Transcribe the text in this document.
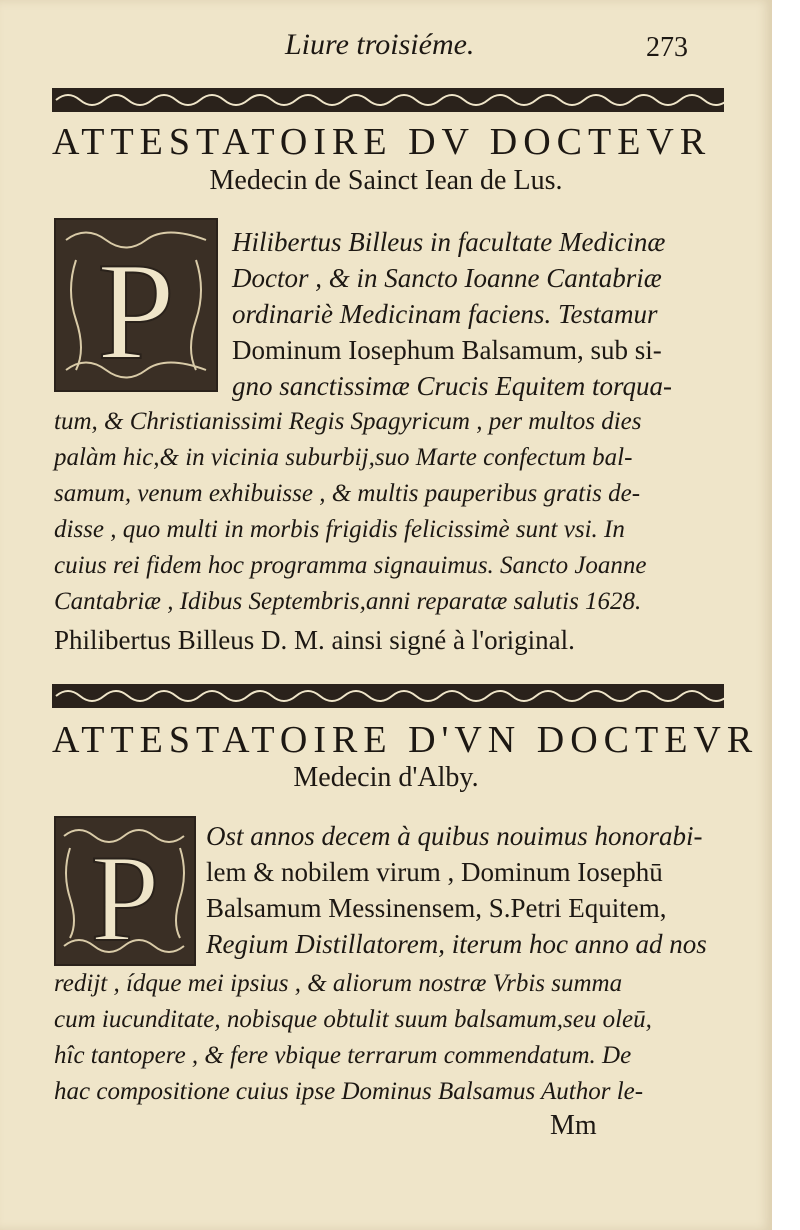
Liure troisiéme.	273
ATTESTATOIRE DV DOCTEVR
Medecin de Sainct Iean de Lus.
P Hilibertus Billeus in facultate Medicinæ
Doctor , & in Sancto Ioanne Cantabriæ
ordinariè Medicinam faciens. Testamur
Dominum Iosephum Balsamum, sub si-
gno sanctissimæ Crucis Equitem torqua-
tum, & Christianissimi Regis Spagyricum , per multos dies
palàm hic,& in vicinia suburbij,suo Marte confectum bal-
samum, venum exhibuisse , & multis pauperibus gratis de-
disse , quo multi in morbis frigidis felicissimè sunt vsi. In
cuius rei fidem hoc programma signauimus. Sancto Joanne
Cantabriæ , Idibus Septembris,anni reparatæ salutis 1628.
Philibertus Billeus D. M. ainsi signé à l'original.
ATTESTATOIRE D'VN DOCTEVR
Medecin d'Alby.
P Ost annos decem à quibus nouimus honorabi-
lem & nobilem virum , Dominum Iosephū
Balsamum Messinensem, S.Petri Equitem,
Regium Distillatorem, iterum hoc anno ad nos
redijt , ídque mei ipsius , & aliorum nostræ Vrbis summa
cum iucunditate, nobisque obtulit suum balsamum,seu oleū,
hîc tantopere , & fere vbique terrarum commendatum. De
hac compositione cuius ipse Dominus Balsamus Author le-
Mm
